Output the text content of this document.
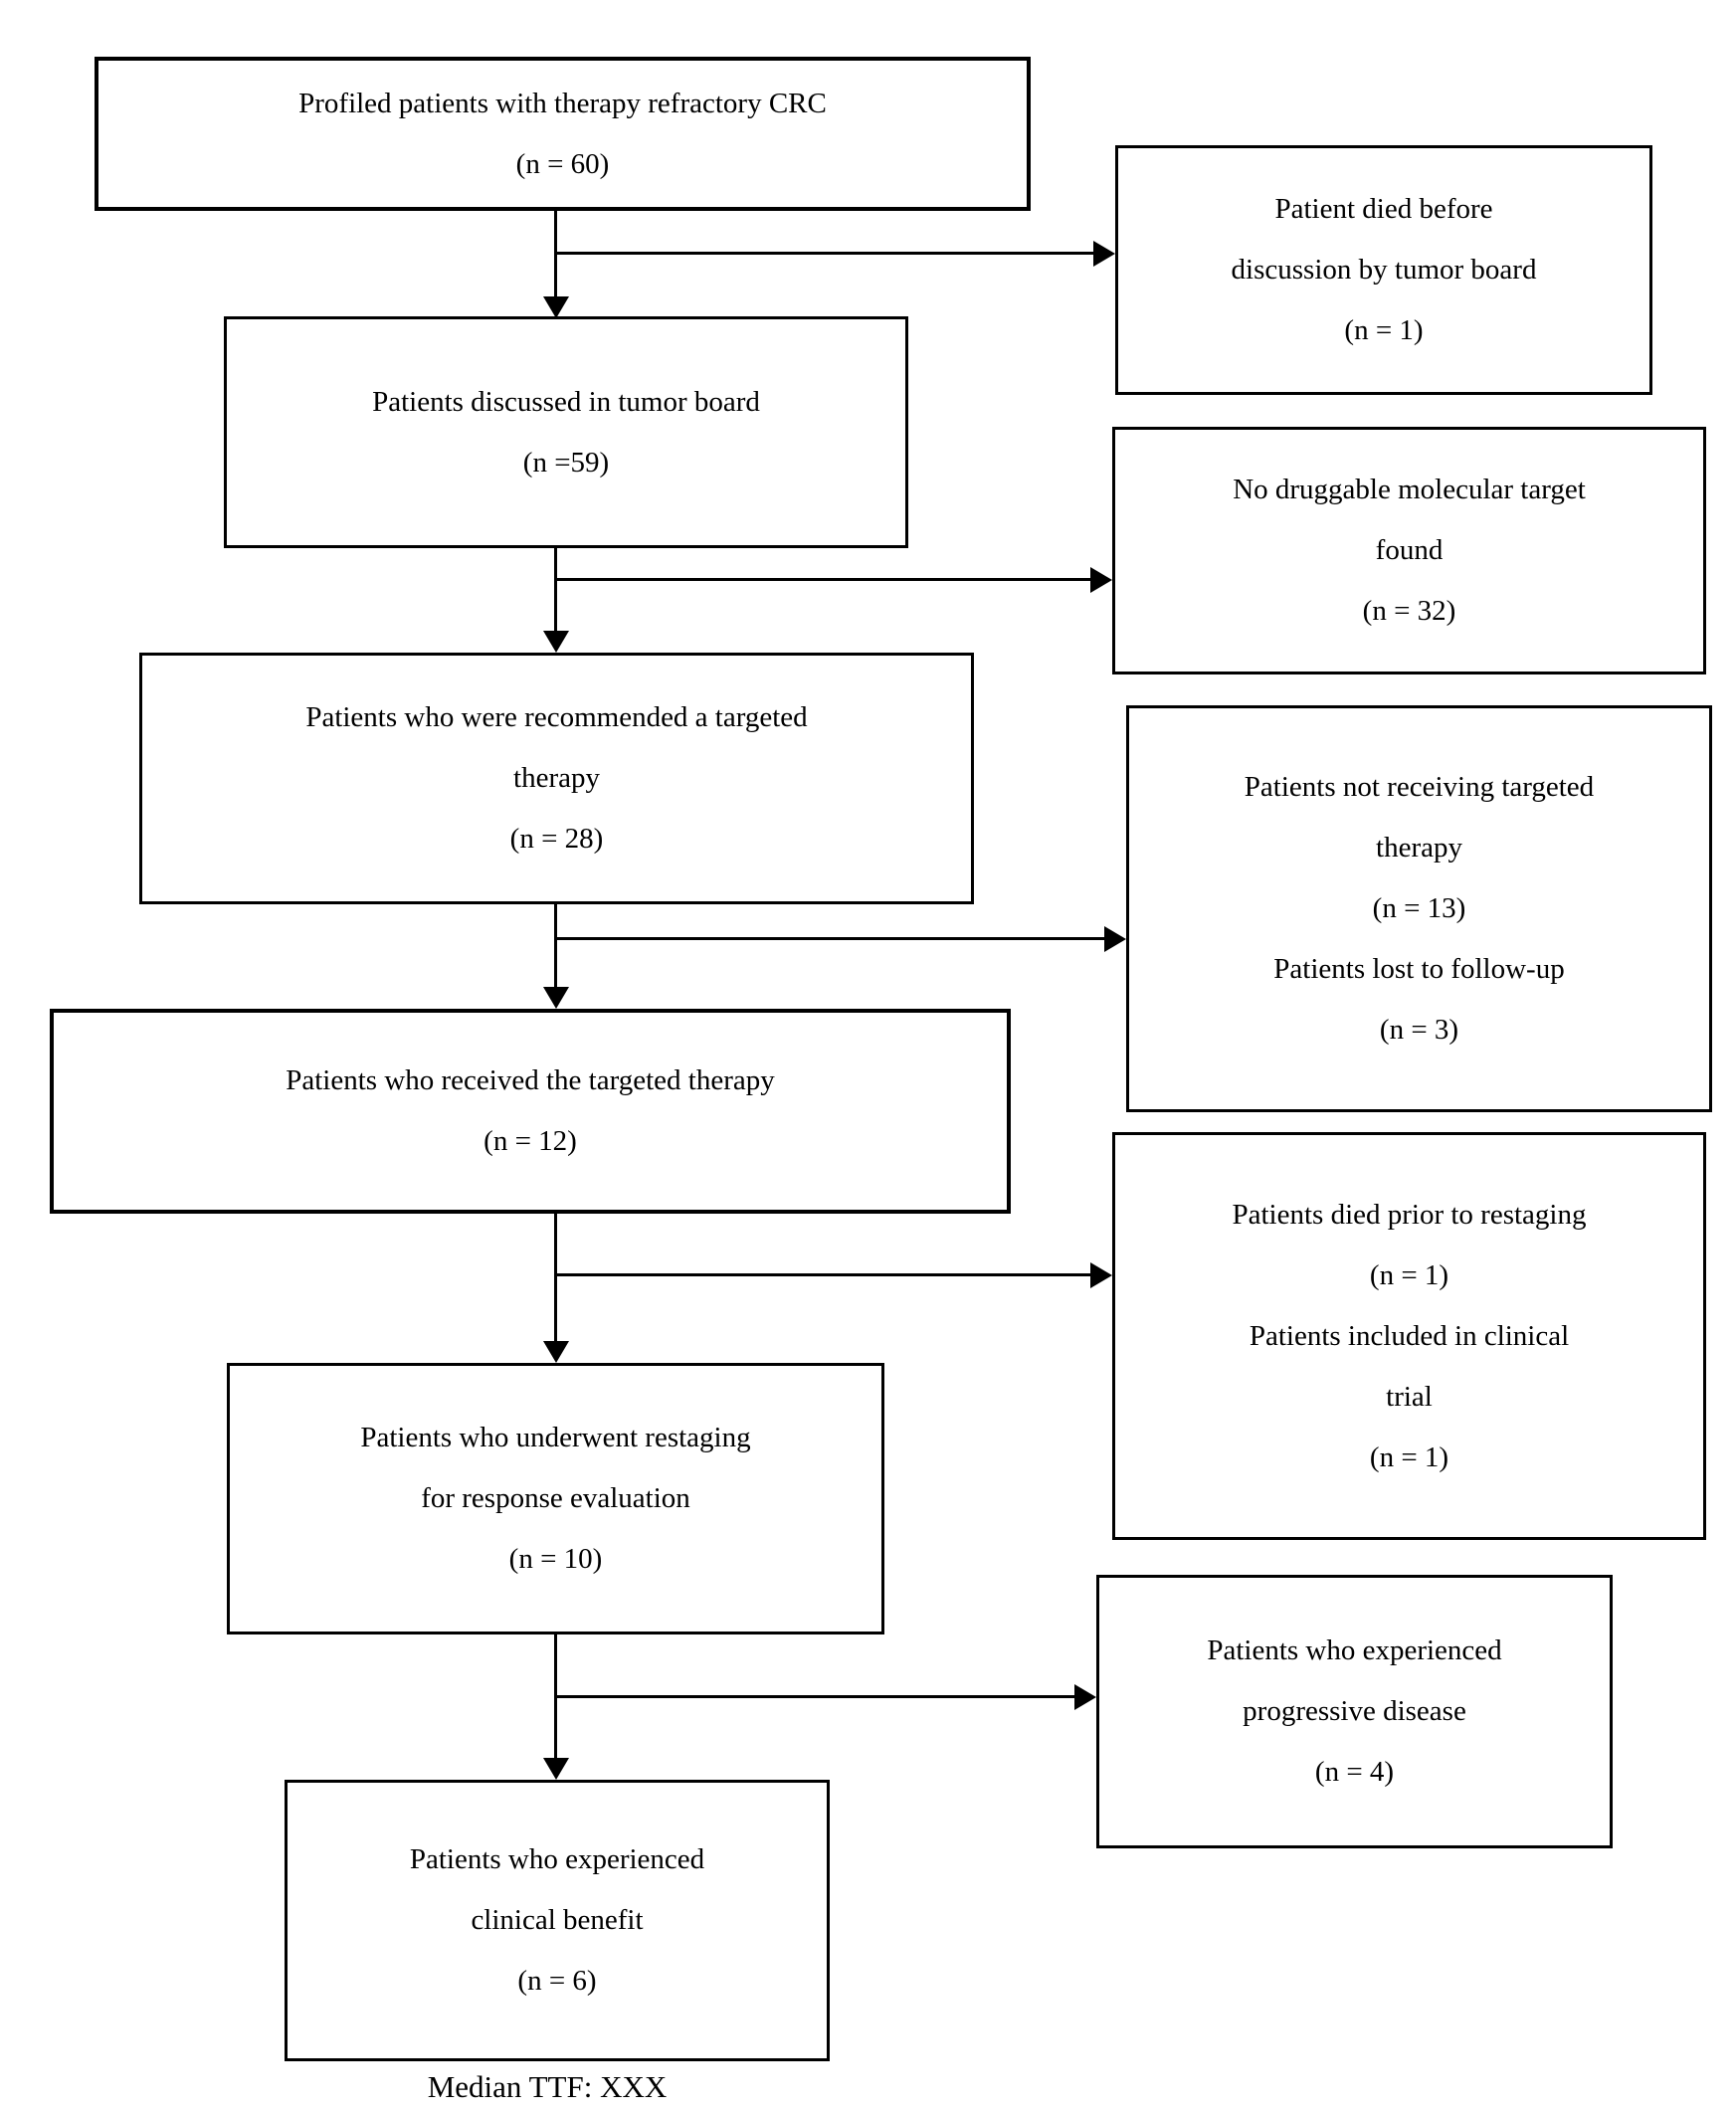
Profiled patients with therapy refractory CRC
(n = 60)
Patients discussed in tumor board
(n =59)
Patients who were recommended a targeted
therapy
(n = 28)
Patients who received the targeted therapy
(n = 12)
Patients who underwent restaging
for response evaluation
(n = 10)
Patients who experienced
clinical benefit
(n = 6)
Patient died before
discussion by tumor board
(n = 1)
No druggable molecular target
found
(n = 32)
Patients not receiving targeted
therapy
(n = 13)
Patients lost to follow-up
(n = 3)
Patients died prior to restaging
(n = 1)
Patients included in clinical
trial
(n = 1)
Patients who experienced
progressive disease
(n = 4)
Median TTF: XXX
